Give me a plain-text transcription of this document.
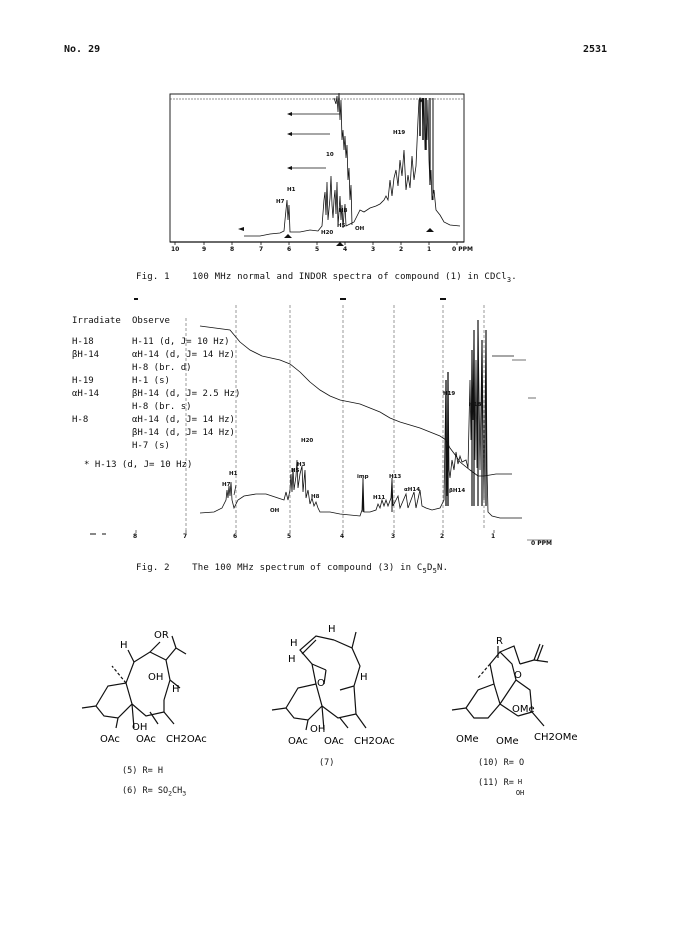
No. 29	2531
10	9	8	7	6	5	4	3	2	1	0 PPM
H7
H1
10
H8
H5
H20
OH
H19
Fig. 1    100 MHz normal and INDOR spectra of compound (1) in CDCl$_3$.
Irradiate Observe
H-18	H-11 (d, J= 10 Hz)
βH-14	αH-14 (d, J= 14 Hz)
H-8 (br. d)
H-19	H-1 (s)
αH-14	βH-14 (d, J= 2.5 Hz)
H-8 (br. s)
H-8	αH-14 (d, J= 14 Hz)
βH-14 (d, J= 14 Hz)
H-7 (s)
* H-13 (d, J= 10 Hz)
8	7	6	5	4	3	2	1
0 PPM
H1
H7
H20
H3
H5
H8
OH
imp	H13
H11
αH14	βH14
H19
H18
Fig. 2    The 100 MHz spectrum of compound (3) in $C_5D_5N$.
OR
H
OH
H
OH
OAc OAc CH2OAc
H
H
H
H
O
OH
OAc OAc CH2OAc
R
O
OMe
OMe OMe CH2OMe
(5) R= H
(6) $R= SO_2CH_3$
(7)	(10) R= O
(11) R= H
OH
